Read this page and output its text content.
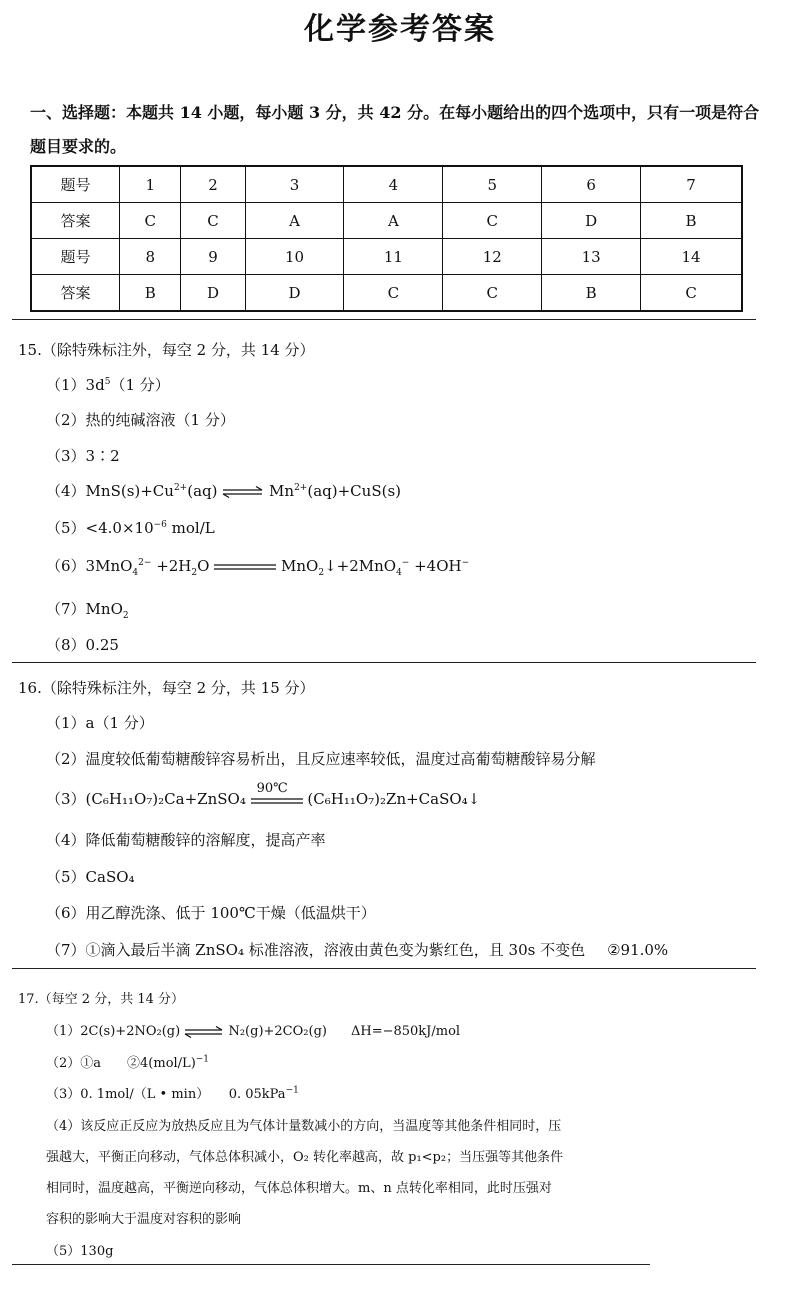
化学参考答案
一、选择题：本题共 14 小题，每小题 3 分，共 42 分。在每小题给出的四个选项中，只有一项是符合题目要求的。
题号	1	2	3	4	5	6	7
答案	C	C	A	A	C	D	B
题号	8	9	10	11	12	13	14
答案	B	D	D	C	C	B	C
15.（除特殊标注外，每空 2 分，共 14 分）
$(1)3d^5(1$ 分）
（2）热的纯碱溶液（1 分）
（3）3∶2
$(4)MnS(s)+Cu^{2+}(aq)$ ⇌ $Mn^{2+}(aq)+CuS(s)$
$(5)<4.0\times 10^{-6}$ mol/L
$(6)3MnO_4^{2-} +2H_2O$	MnO$_2$↓+2MnO$_4$− +4OH−
（7）MnO$_2$
（8）0.25
16.（除特殊标注外，每空 2 分，共 15 分）
（1）a（1 分）
（2）温度较低葡萄糖酸锌容易析出，且反应速率较低，温度过高葡萄糖酸锌易分解
（3）(C₆H₁₁O₇)₂Ca+ZnSO₄
90℃
(C₆H₁₁O₇)₂Zn+CaSO₄↓
（4）降低葡萄糖酸锌的溶解度，提高产率
（5）CaSO₄
（6）用乙醇洗涤、低于 100℃干燥（低温烘干）
（7）①滴入最后半滴 ZnSO₄ 标准溶液，溶液由黄色变为紫红色，且 30s 不变色 ②91.0%
17.（每空 2 分，共 14 分）
（1）2C(s)+2NO₂(g) ⇌ N₂(g)+2CO₂(g) ΔH=−850kJ/mol
（2）①a　　$②4(mol/L)^{-1}$
（3）0. 1mol/（L • min）　　0. 05kPa$^{-1}$
（4）该反应正反应为放热反应且为气体计量数减小的方向，当温度等其他条件相同时，压
强越大，平衡正向移动，气体总体积减小，O₂ 转化率越高，故 p₁<p₂；当压强等其他条件
相同时，温度越高，平衡逆向移动，气体总体积增大。m、n 点转化率相同，此时压强对
容积的影响大于温度对容积的影响
（5）130g
